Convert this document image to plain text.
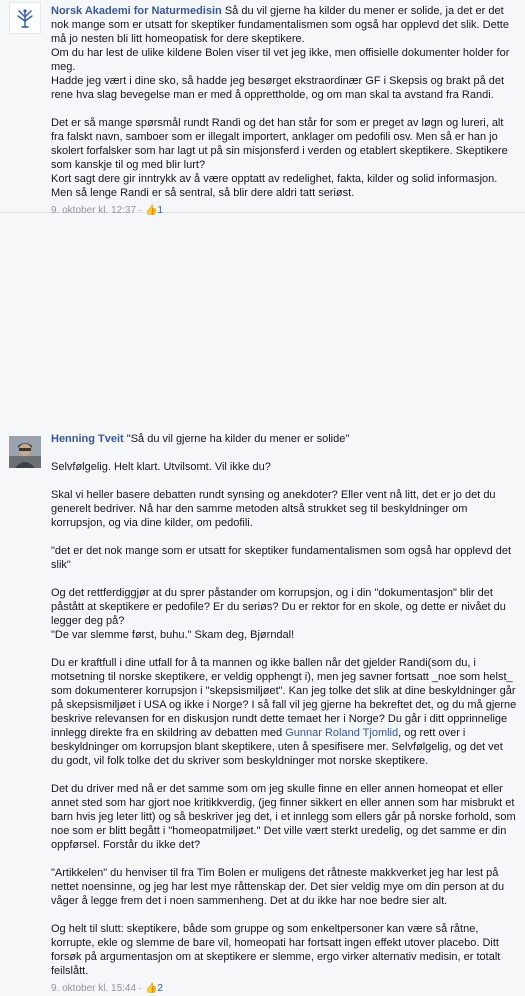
Norsk Akademi for Naturmedisin Så du vil gjerne ha kilder du mener er solide, ja det er det nok mange som er utsatt for skeptiker fundamentalismen som også har opplevd det slik. Dette må jo nesten bli litt homeopatisk for dere skeptikere.
Om du har lest de ulike kildene Bolen viser til vet jeg ikke, men offisielle dokumenter holder for meg.
Hadde jeg vært i dine sko, så hadde jeg besørget ekstraordinær GF i Skepsis og brakt på det rene hva slag bevegelse man er med å opprettholde, og om man skal ta avstand fra Randi.

Det er så mange spørsmål rundt Randi og det han står for som er preget av løgn og lureri, alt fra falskt navn, samboer som er illegalt importert, anklager om pedofili osv. Men så er han jo skolert forfalsker som har lagt ut på sin misjonsferd i verden og etablert skeptikere. Skeptikere som kanskje til og med blir lurt?
Kort sagt dere gir inntrykk av å være opptatt av redelighet, fakta, kilder og solid informasjon. Men så lenge Randi er så sentral, så blir dere aldri tatt seriøst.

9. oktober kl. 12:37 · 👍1

Henning Tveit "Så du vil gjerne ha kilder du mener er solide"

Selvfølgelig. Helt klart. Utvilsomt. Vil ikke du?

Skal vi heller basere debatten rundt synsing og anekdoter? Eller vent nå litt, det er jo det du generelt bedriver. Nå har den samme metoden altså strukket seg til beskyldninger om korrupsjon, og via dine kilder, om pedofili.

"det er det nok mange som er utsatt for skeptiker fundamentalismen som også har opplevd det slik"

Og det rettferdiggjør at du sprer påstander om korrupsjon, og i din "dokumentasjon" blir det påstått at skeptikere er pedofile? Er du seriøs? Du er rektor for en skole, og dette er nivået du legger deg på?
"De var slemme først, buhu." Skam deg, Bjørndal!

Du er kraftfull i dine utfall for å ta mannen og ikke ballen når det gjelder Randi(som du, i motsetning til norske skeptikere, er veldig opphengt i), men jeg savner fortsatt _noe som helst_ som dokumenterer korrupsjon i "skepsismiljøet". Kan jeg tolke det slik at dine beskyldninger går på skepsismiljøet i USA og ikke i Norge? I så fall vil jeg gjerne ha bekreftet det, og du må gjerne beskrive relevansen for en diskusjon rundt dette temaet her i Norge? Du går i ditt opprinnelige innlegg direkte fra en skildring av debatten med Gunnar Roland Tjomlid, og rett over i beskyldninger om korrupsjon blant skeptikere, uten å spesifisere mer. Selvfølgelig, og det vet du godt, vil folk tolke det du skriver som beskyldninger mot norske skeptikere.

Det du driver med nå er det samme som om jeg skulle finne en eller annen homeopat et eller annet sted som har gjort noe kritikkverdig, (jeg finner sikkert en eller annen som har misbrukt et barn hvis jeg leter litt) og så beskriver jeg det, i et innlegg som ellers går på norske forhold, som noe som er blitt begått i "homeopatmiljøet." Det ville vært sterkt uredelig, og det samme er din oppførsel. Forstår du ikke det?

"Artikkelen" du henviser til fra Tim Bolen er muligens det råtneste makkverket jeg har lest på nettet noensinne, og jeg har lest mye råttenskap der. Det sier veldig mye om din person at du våger å legge frem det i noen sammenheng. Det at du ikke har noe bedre sier alt.

Og helt til slutt: skeptikere, både som gruppe og som enkeltpersoner kan være så råtne, korrupte, ekle og slemme de bare vil, homeopati har fortsatt ingen effekt utover placebo. Ditt forsøk på argumentasjon om at skeptikere er slemme, ergo virker alternativ medisin, er totalt feilslått.

9. oktober kl. 15:44 · 👍2
